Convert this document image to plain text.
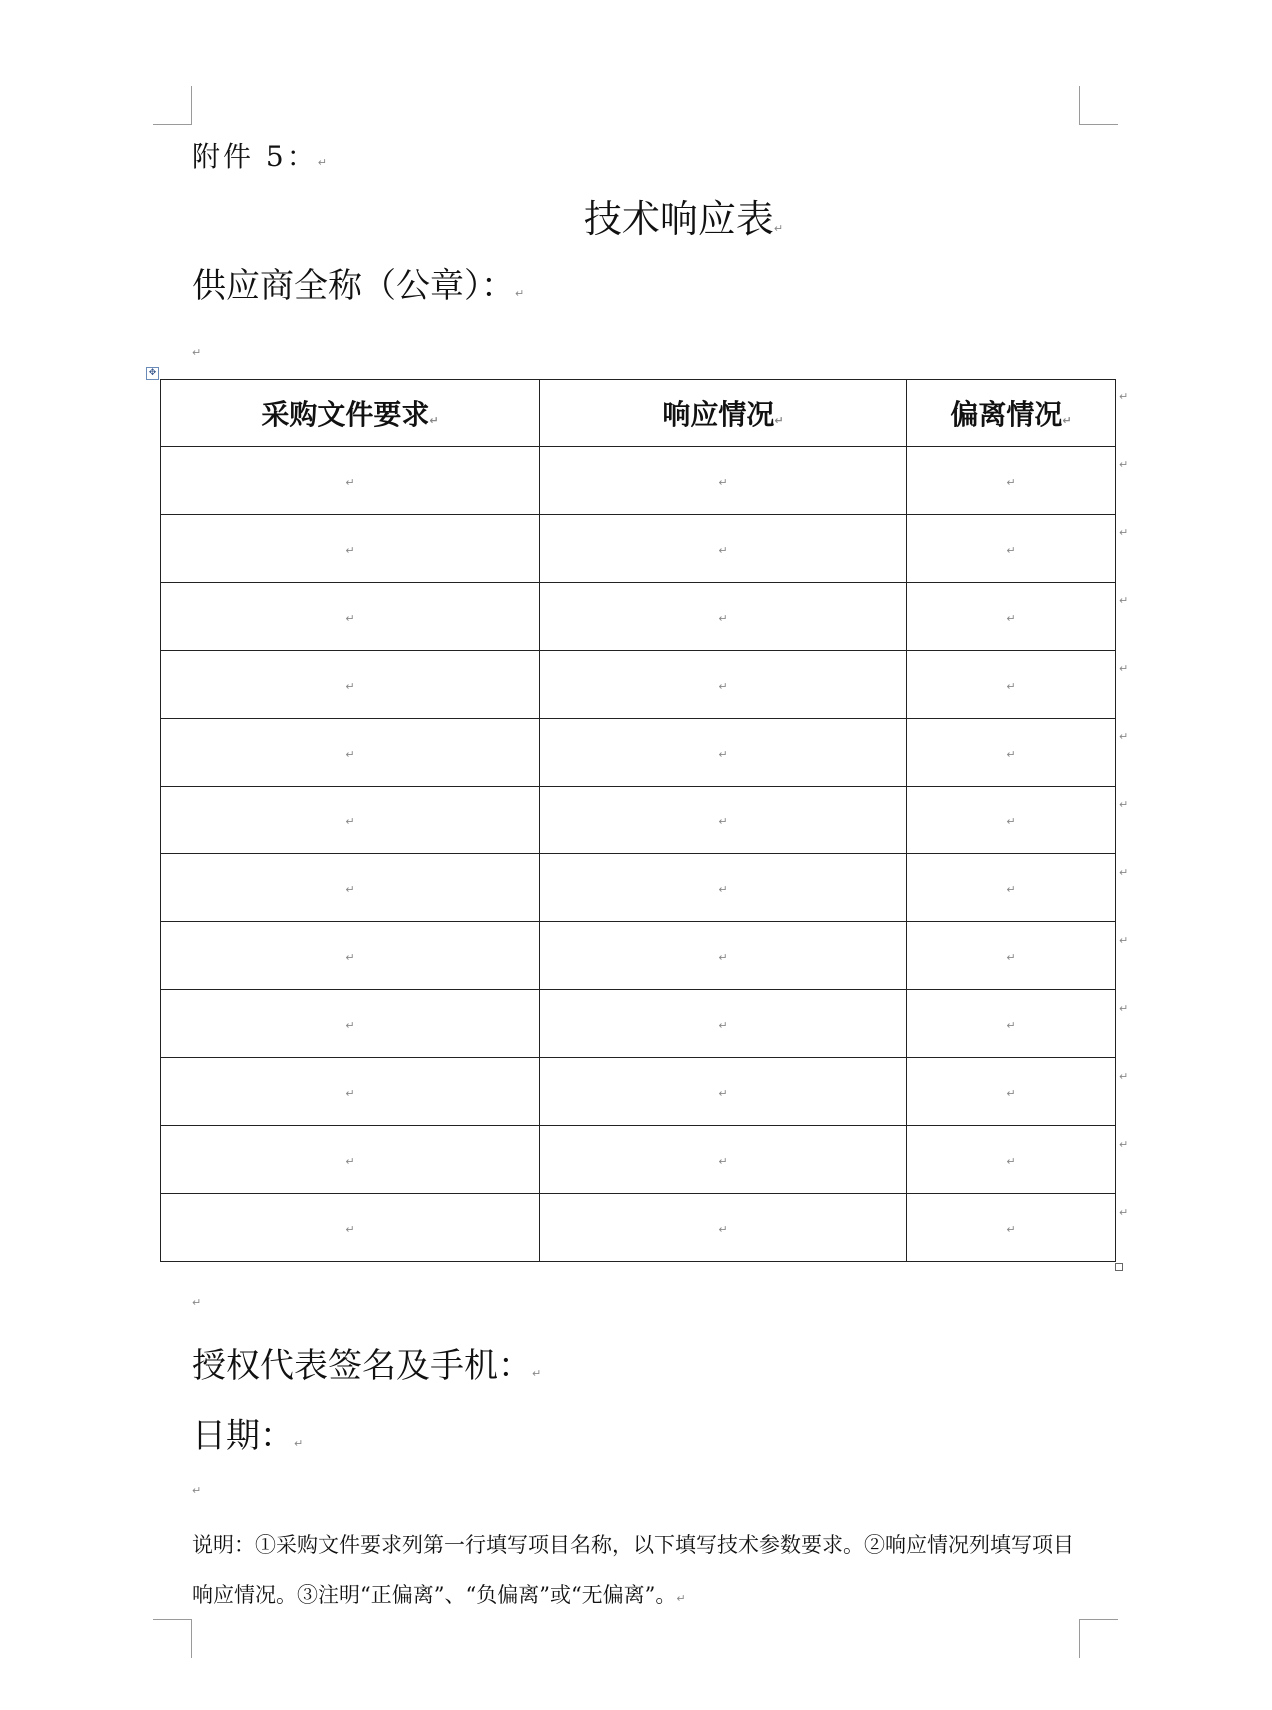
附件 5：↵
技术响应表↵
供应商全称（公章）：↵
↵
✥
采购文件要求↵	响应情况↵	偏离情况↵
↵	↵	↵
↵	↵	↵
↵	↵	↵
↵	↵	↵
↵	↵	↵
↵	↵	↵
↵	↵	↵
↵	↵	↵
↵	↵	↵
↵	↵	↵
↵	↵	↵
↵	↵	↵
↵
↵
↵
↵
↵
↵
↵
↵
↵
↵
↵
↵
↵
↵
授权代表签名及手机：↵
日期：↵
↵
说明：①采购文件要求列第一行填写项目名称，以下填写技术参数要求。②响应情况列填写项目响应情况。③注明“正偏离”、“负偏离”或“无偏离”。↵
